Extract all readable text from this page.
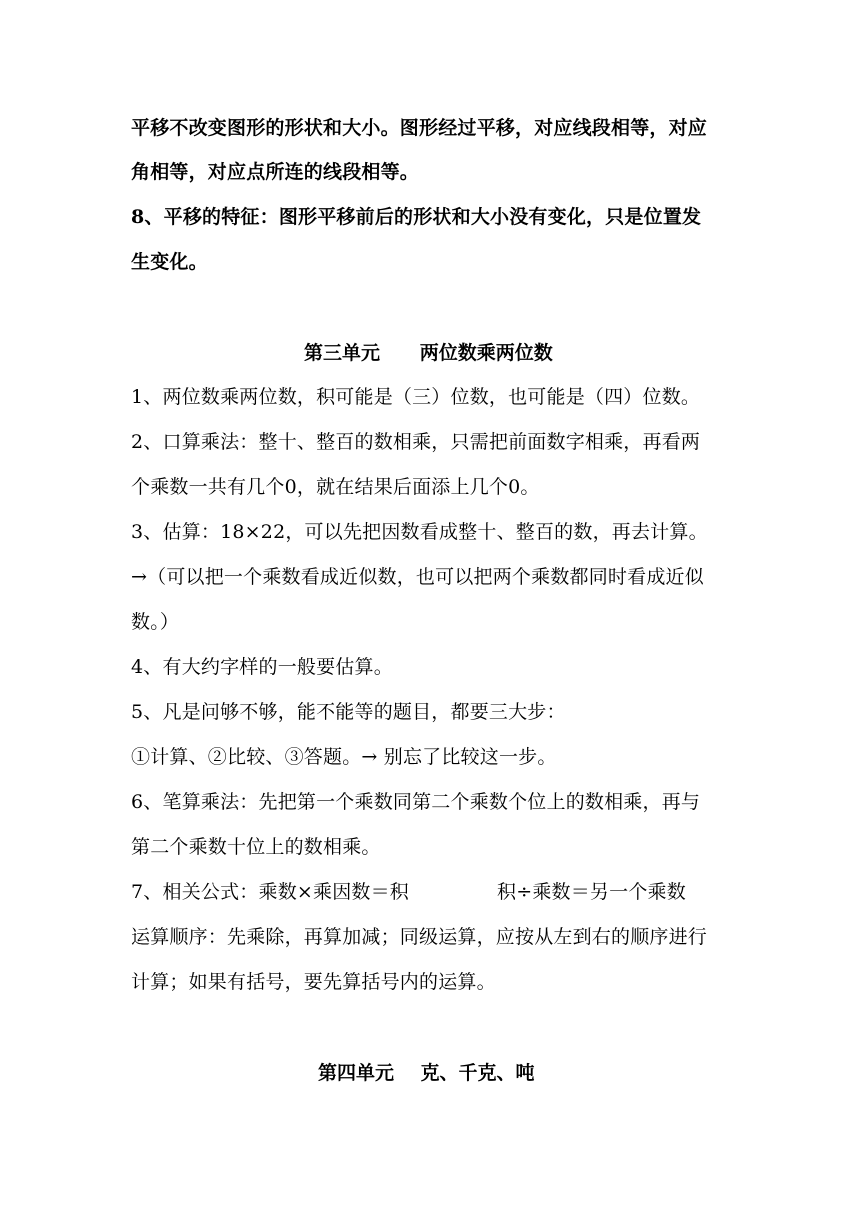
平移不改变图形的形状和大小。图形经过平移，对应线段相等，对应
角相等，对应点所连的线段相等。
8、平移的特征：图形平移前后的形状和大小没有变化，只是位置发
生变化。
第三单元      两位数乘两位数
1、两位数乘两位数，积可能是（三）位数，也可能是（四）位数。
2、口算乘法：整十、整百的数相乘，只需把前面数字相乘，再看两
个乘数一共有几个0，就在结果后面添上几个0。
3、估算：18×22，可以先把因数看成整十、整百的数，再去计算。
→（可以把一个乘数看成近似数，也可以把两个乘数都同时看成近似
数。）
4、有大约字样的一般要估算。
5、凡是问够不够，能不能等的题目，都要三大步：
①计算、②比较、③答题。→ 别忘了比较这一步。
6、笔算乘法：先把第一个乘数同第二个乘数个位上的数相乘，再与
第二个乘数十位上的数相乘。
7、相关公式：乘数×乘因数＝积	积÷乘数＝另一个乘数
运算顺序：先乘除，再算加减；同级运算，应按从左到右的顺序进行
计算；如果有括号，要先算括号内的运算。
第四单元    克、千克、吨
